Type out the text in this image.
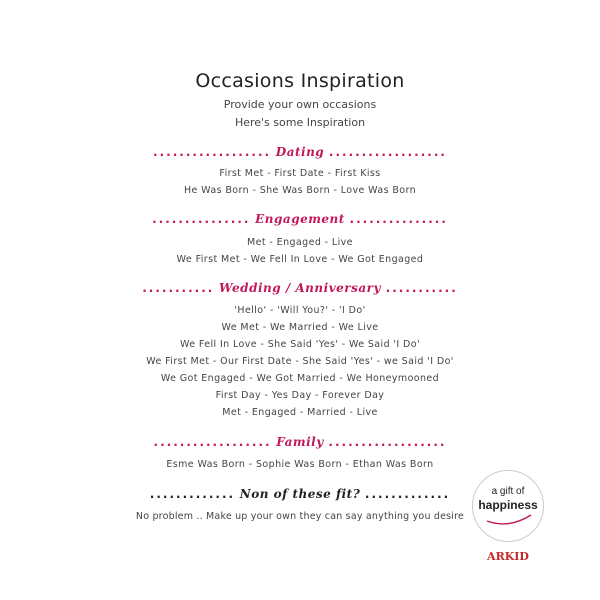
Occasions Inspiration
Provide your own occasions
Here's some Inspiration
.................. Dating ..................
First Met - First Date - First Kiss
He Was Born - She Was Born - Love Was Born
............... Engagement ...............
Met - Engaged - Live
We First Met - We Fell In Love - We Got Engaged
........... Wedding / Anniversary ...........
'Hello' - 'Will You?' - 'I Do'
We Met - We Married - We Live
We Fell In Love - She Said 'Yes' - We Said 'I Do'
We First Met - Our First Date - She Said 'Yes' - we Said 'I Do'
We Got Engaged - We Got Married - We Honeymooned
First Day - Yes Day - Forever Day
Met - Engaged - Married - Live
.................. Family ..................
Esme Was Born - Sophie Was Born - Ethan Was Born
............. Non of these fit? .............
No problem .. Make up your own they can say anything you desire
a gift of
happiness
ARKID
